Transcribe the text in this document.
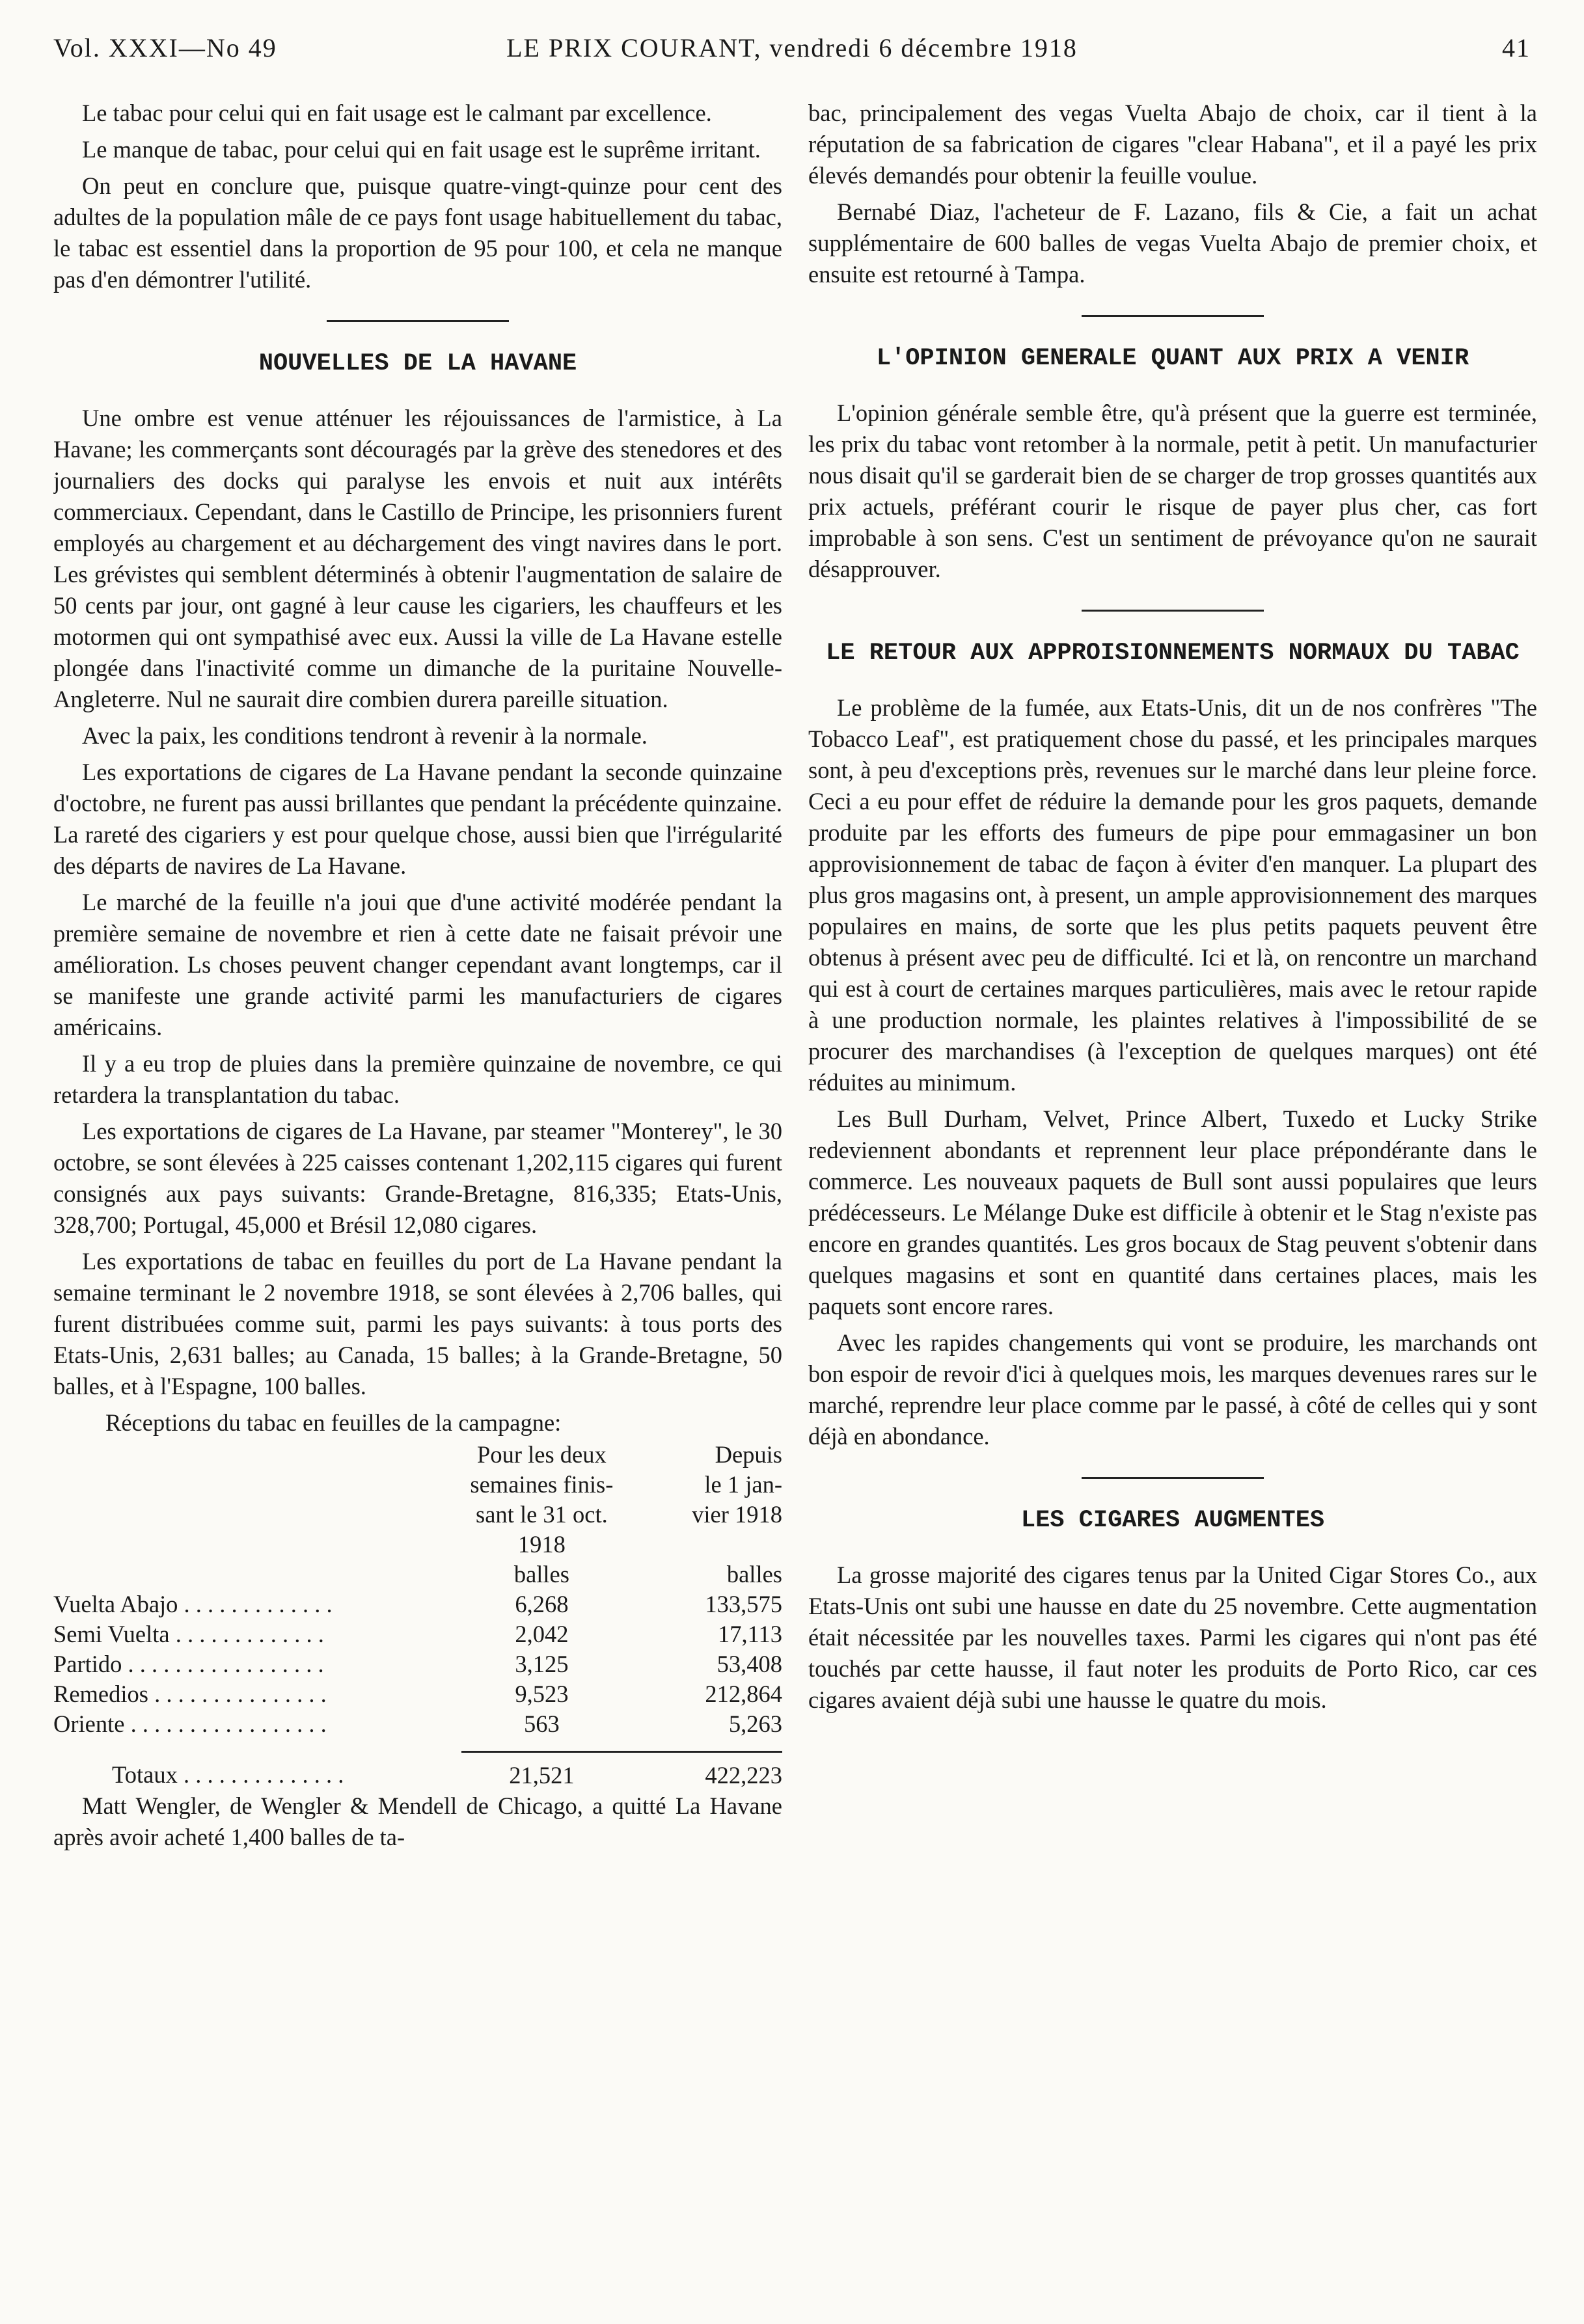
Vol. XXXI—No 49	LE PRIX COURANT, vendredi 6 décembre 1918	41

Le tabac pour celui qui en fait usage est le calmant par excellence.

Le manque de tabac, pour celui qui en fait usage est le suprême irritant.

On peut en conclure que, puisque quatre-vingt-quinze pour cent des adultes de la population mâle de ce pays font usage habituellement du tabac, le tabac est essentiel dans la proportion de 95 pour 100, et cela ne manque pas d'en démontrer l'utilité.

NOUVELLES DE LA HAVANE

Une ombre est venue atténuer les réjouissances de l'armistice, à La Havane; les commerçants sont découragés par la grève des stenedores et des journaliers des docks qui paralyse les envois et nuit aux intérêts commerciaux. Cependant, dans le Castillo de Principe, les prisonniers furent employés au chargement et au déchargement des vingt navires dans le port. Les grévistes qui semblent déterminés à obtenir l'augmentation de salaire de 50 cents par jour, ont gagné à leur cause les cigariers, les chauffeurs et les motormen qui ont sympathisé avec eux. Aussi la ville de La Havane estelle plongée dans l'inactivité comme un dimanche de la puritaine Nouvelle-Angleterre. Nul ne saurait dire combien durera pareille situation.

Avec la paix, les conditions tendront à revenir à la normale.

Les exportations de cigares de La Havane pendant la seconde quinzaine d'octobre, ne furent pas aussi brillantes que pendant la précédente quinzaine. La rareté des cigariers y est pour quelque chose, aussi bien que l'irrégularité des départs de navires de La Havane.

Le marché de la feuille n'a joui que d'une activité modérée pendant la première semaine de novembre et rien à cette date ne faisait prévoir une amélioration. Ls choses peuvent changer cependant avant longtemps, car il se manifeste une grande activité parmi les manufacturiers de cigares américains.

Il y a eu trop de pluies dans la première quinzaine de novembre, ce qui retardera la transplantation du tabac.

Les exportations de cigares de La Havane, par steamer "Monterey", le 30 octobre, se sont élevées à 225 caisses contenant 1,202,115 cigares qui furent consignés aux pays suivants: Grande-Bretagne, 816,335; Etats-Unis, 328,700; Portugal, 45,000 et Brésil 12,080 cigares.

Les exportations de tabac en feuilles du port de La Havane pendant la semaine terminant le 2 novembre 1918, se sont élevées à 2,706 balles, qui furent distribuées comme suit, parmi les pays suivants: à tous ports des Etats-Unis, 2,631 balles; au Canada, 15 balles; à la Grande-Bretagne, 50 balles, et à l'Espagne, 100 balles.

Réceptions du tabac en feuilles de la campagne:

	Pour les deux	Depuis
	semaines finis-	le 1 jan-
	sant le 31 oct.	vier 1918
	1918	
	balles	balles
Vuelta Abajo . . . . . . . . . . . . .	6,268	133,575
Semi Vuelta . . . . . . . . . . . . .	2,042	17,113
Partido . . . . . . . . . . . . . . . . .	3,125	53,408
Remedios . . . . . . . . . . . . . . .	9,523	212,864
Oriente . . . . . . . . . . . . . . . . .	563	5,263

Totaux . . . . . . . . . . . . . .	21,521	422,223

Matt Wengler, de Wengler & Mendell de Chicago, a quitté La Havane après avoir acheté 1,400 balles de ta-

bac, principalement des vegas Vuelta Abajo de choix, car il tient à la réputation de sa fabrication de cigares "clear Habana", et il a payé les prix élevés demandés pour obtenir la feuille voulue.

Bernabé Diaz, l'acheteur de F. Lazano, fils & Cie, a fait un achat supplémentaire de 600 balles de vegas Vuelta Abajo de premier choix, et ensuite est retourné à Tampa.

L'OPINION GENERALE QUANT AUX PRIX A VENIR

L'opinion générale semble être, qu'à présent que la guerre est terminée, les prix du tabac vont retomber à la normale, petit à petit. Un manufacturier nous disait qu'il se garderait bien de se charger de trop grosses quantités aux prix actuels, préférant courir le risque de payer plus cher, cas fort improbable à son sens. C'est un sentiment de prévoyance qu'on ne saurait désapprouver.

LE RETOUR AUX APPROISIONNEMENTS NORMAUX DU TABAC

Le problème de la fumée, aux Etats-Unis, dit un de nos confrères "The Tobacco Leaf", est pratiquement chose du passé, et les principales marques sont, à peu d'exceptions près, revenues sur le marché dans leur pleine force. Ceci a eu pour effet de réduire la demande pour les gros paquets, demande produite par les efforts des fumeurs de pipe pour emmagasiner un bon approvisionnement de tabac de façon à éviter d'en manquer. La plupart des plus gros magasins ont, à present, un ample approvisionnement des marques populaires en mains, de sorte que les plus petits paquets peuvent être obtenus à présent avec peu de difficulté. Ici et là, on rencontre un marchand qui est à court de certaines marques particulières, mais avec le retour rapide à une production normale, les plaintes relatives à l'impossibilité de se procurer des marchandises (à l'exception de quelques marques) ont été réduites au minimum.

Les Bull Durham, Velvet, Prince Albert, Tuxedo et Lucky Strike redeviennent abondants et reprennent leur place prépondérante dans le commerce. Les nouveaux paquets de Bull sont aussi populaires que leurs prédécesseurs. Le Mélange Duke est difficile à obtenir et le Stag n'existe pas encore en grandes quantités. Les gros bocaux de Stag peuvent s'obtenir dans quelques magasins et sont en quantité dans certaines places, mais les paquets sont encore rares.

Avec les rapides changements qui vont se produire, les marchands ont bon espoir de revoir d'ici à quelques mois, les marques devenues rares sur le marché, reprendre leur place comme par le passé, à côté de celles qui y sont déjà en abondance.

LES CIGARES AUGMENTES

La grosse majorité des cigares tenus par la United Cigar Stores Co., aux Etats-Unis ont subi une hausse en date du 25 novembre. Cette augmentation était nécessitée par les nouvelles taxes. Parmi les cigares qui n'ont pas été touchés par cette hausse, il faut noter les produits de Porto Rico, car ces cigares avaient déjà subi une hausse le quatre du mois.
